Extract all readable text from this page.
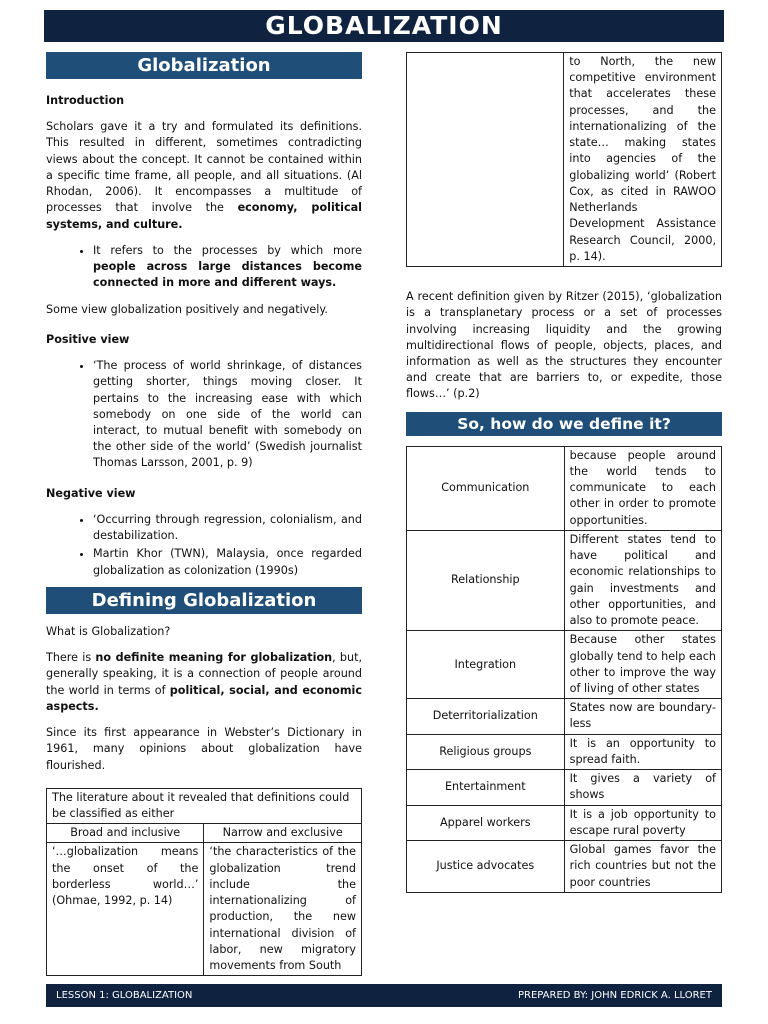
GLOBALIZATION
Globalization
Introduction

Scholars gave it a try and formulated its definitions. This resulted in different, sometimes contradicting views about the concept. It cannot be contained within a specific time frame, all people, and all situations. (Al Rhodan, 2006). It encompasses a multitude of processes that involve the economy, political systems, and culture.

• It refers to the processes by which more people across large distances become connected in more and different ways.

Some view globalization positively and negatively.

Positive view
• ‘The process of world shrinkage, of distances getting shorter, things moving closer. It pertains to the increasing ease with which somebody on one side of the world can interact, to mutual benefit with somebody on the other side of the world’ (Swedish journalist Thomas Larsson, 2001, p. 9)
Negative view
• ‘Occurring through regression, colonialism, and destabilization.
• Martin Khor (TWN), Malaysia, once regarded globalization as colonization (1990s)
Defining Globalization

What is Globalization?

There is no definite meaning for globalization, but, generally speaking, it is a connection of people around the world in terms of political, social, and economic aspects.

Since its first appearance in Webster’s Dictionary in 1961, many opinions about globalization have flourished.

The literature about it revealed that definitions could be classified as either	
Broad and inclusive	Narrow and exclusive
‘…globalization means the onset of the borderless world…’ (Ohmae, 1992, p. 14)	‘the characteristics of the globalization trend include the internationalizing of production, the new international division of labor, new migratory movements from South
	to North, the new competitive environment that accelerates these processes, and the internationalizing of the state… making states into agencies of the globalizing world’ (Robert Cox, as cited in RAWOO Netherlands Development Assistance Research Council, 2000, p. 14).

A recent definition given by Ritzer (2015), ‘globalization is a transplanetary process or a set of processes involving increasing liquidity and the growing multidirectional flows of people, objects, places, and information as well as the structures they encounter and create that are barriers to, or expedite, those flows…’ (p.2)

So, how do we define it?
Communication	because people around the world tends to communicate to each other in order to promote opportunities.
Relationship	Different states tend to have political and economic relationships to gain investments and other opportunities, and also to promote peace.
Integration	Because other states globally tend to help each other to improve the way of living of other states
Deterritorialization	States now are boundary-less
Religious groups	It is an opportunity to spread faith.
Entertainment	It gives a variety of shows
Apparel workers	It is a job opportunity to escape rural poverty
Justice advocates	Global games favor the rich countries but not the poor countries
LESSON 1: GLOBALIZATION	PREPARED BY: JOHN EDRICK A. LLORET
